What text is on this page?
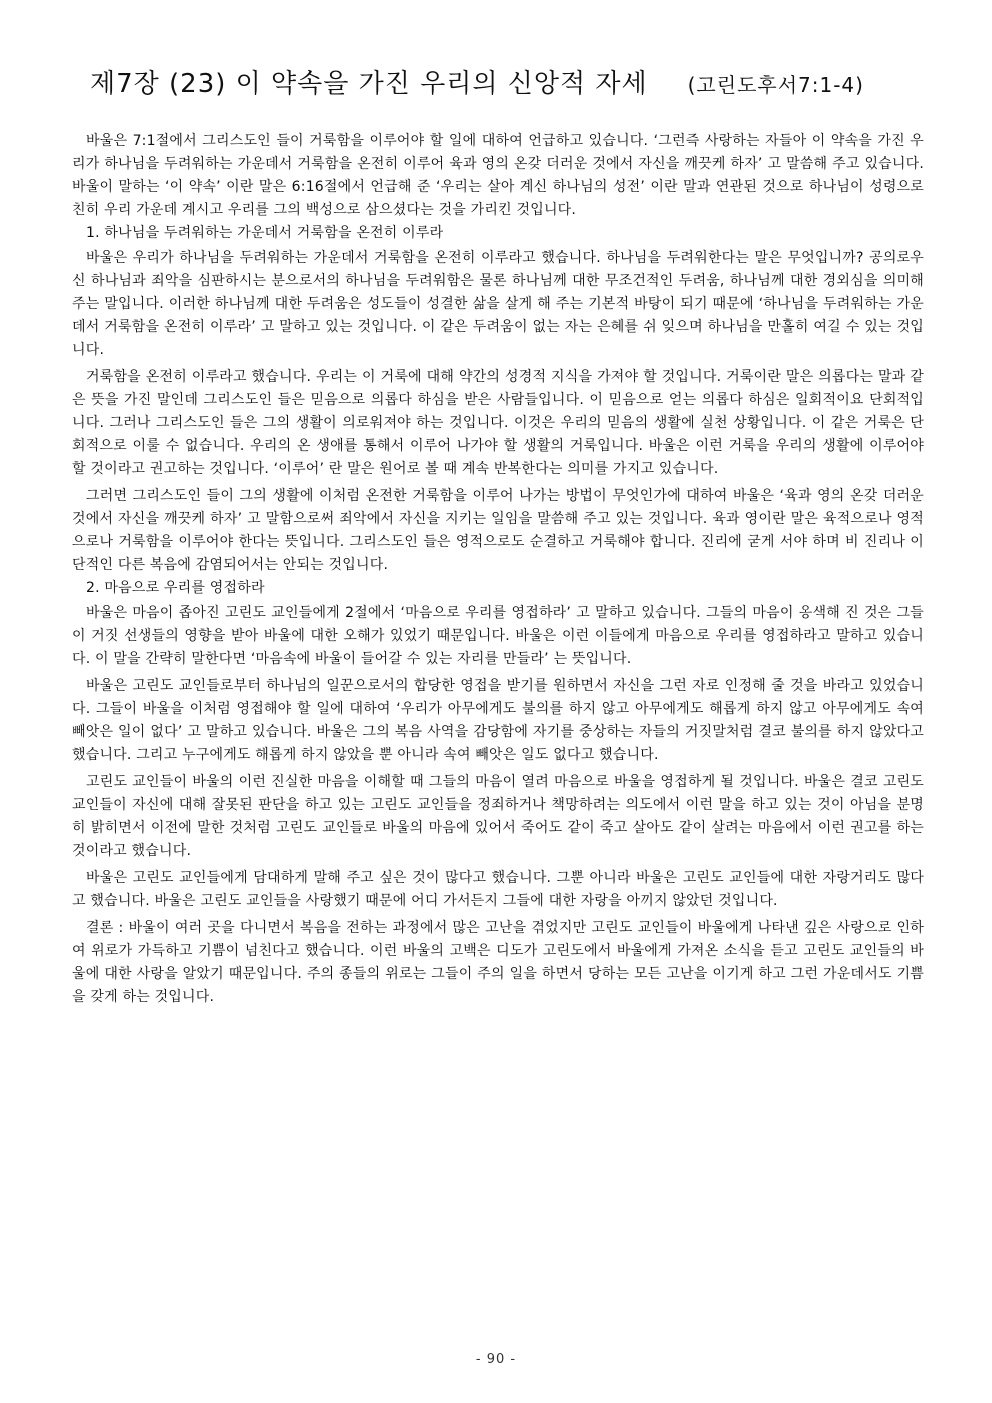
제7장 (23) 이 약속을 가진 우리의 신앙적 자세 (고린도후서7:1-4)

바울은 7:1절에서 그리스도인 들이 거룩함을 이루어야 할 일에 대하여 언급하고 있습니다. ‘그런즉 사랑하는 자들아 이 약속을 가진 우리가 하나님을 두려워하는 가운데서 거룩함을 온전히 이루어 육과 영의 온갖 더러운 것에서 자신을 깨끗케 하자’ 고 말씀해 주고 있습니다. 바울이 말하는 ‘이 약속’ 이란 말은 6:16절에서 언급해 준 ‘우리는 살아 계신 하나님의 성전’ 이란 말과 연관된 것으로 하나님이 성령으로 친히 우리 가운데 계시고 우리를 그의 백성으로 삼으셨다는 것을 가리킨 것입니다.

1. 하나님을 두려워하는 가운데서 거룩함을 온전히 이루라

바울은 우리가 하나님을 두려워하는 가운데서 거룩함을 온전히 이루라고 했습니다. 하나님을 두려워한다는 말은 무엇입니까? 공의로우신 하나님과 죄악을 심판하시는 분으로서의 하나님을 두려워함은 물론 하나님께 대한 무조건적인 두려움, 하나님께 대한 경외심을 의미해 주는 말입니다. 이러한 하나님께 대한 두려움은 성도들이 성결한 삶을 살게 해 주는 기본적 바탕이 되기 때문에 ‘하나님을 두려워하는 가운데서 거룩함을 온전히 이루라’ 고 말하고 있는 것입니다. 이 같은 두려움이 없는 자는 은혜를 쉬 잊으며 하나님을 만홀히 여길 수 있는 것입니다.

거룩함을 온전히 이루라고 했습니다. 우리는 이 거룩에 대해 약간의 성경적 지식을 가져야 할 것입니다. 거룩이란 말은 의롭다는 말과 같은 뜻을 가진 말인데 그리스도인 들은 믿음으로 의롭다 하심을 받은 사람들입니다. 이 믿음으로 얻는 의롭다 하심은 일회적이요 단회적입니다. 그러나 그리스도인 들은 그의 생활이 의로워져야 하는 것입니다. 이것은 우리의 믿음의 생활에 실천 상황입니다. 이 같은 거룩은 단회적으로 이룰 수 없습니다. 우리의 온 생애를 통해서 이루어 나가야 할 생활의 거룩입니다. 바울은 이런 거룩을 우리의 생활에 이루어야 할 것이라고 권고하는 것입니다. ‘이루어’ 란 말은 원어로 볼 때 계속 반복한다는 의미를 가지고 있습니다.

그러면 그리스도인 들이 그의 생활에 이처럼 온전한 거룩함을 이루어 나가는 방법이 무엇인가에 대하여 바울은 ‘육과 영의 온갖 더러운 것에서 자신을 깨끗케 하자’ 고 말함으로써 죄악에서 자신을 지키는 일임을 말씀해 주고 있는 것입니다. 육과 영이란 말은 육적으로나 영적으로나 거룩함을 이루어야 한다는 뜻입니다. 그리스도인 들은 영적으로도 순결하고 거룩해야 합니다. 진리에 굳게 서야 하며 비 진리나 이단적인 다른 복음에 감염되어서는 안되는 것입니다.

2. 마음으로 우리를 영접하라

바울은 마음이 좁아진 고린도 교인들에게 2절에서 ‘마음으로 우리를 영접하라’ 고 말하고 있습니다. 그들의 마음이 옹색해 진 것은 그들이 거짓 선생들의 영향을 받아 바울에 대한 오해가 있었기 때문입니다. 바울은 이런 이들에게 마음으로 우리를 영접하라고 말하고 있습니다. 이 말을 간략히 말한다면 ‘마음속에 바울이 들어갈 수 있는 자리를 만들라’ 는 뜻입니다.

바울은 고린도 교인들로부터 하나님의 일꾼으로서의 합당한 영접을 받기를 원하면서 자신을 그런 자로 인정해 줄 것을 바라고 있었습니다. 그들이 바울을 이처럼 영접해야 할 일에 대하여 ‘우리가 아무에게도 불의를 하지 않고 아무에게도 해롭게 하지 않고 아무에게도 속여 빼앗은 일이 없다’ 고 말하고 있습니다. 바울은 그의 복음 사역을 감당함에 자기를 중상하는 자들의 거짓말처럼 결코 불의를 하지 않았다고 했습니다. 그리고 누구에게도 해롭게 하지 않았을 뿐 아니라 속여 빼앗은 일도 없다고 했습니다.

고린도 교인들이 바울의 이런 진실한 마음을 이해할 때 그들의 마음이 열려 마음으로 바울을 영접하게 될 것입니다. 바울은 결코 고린도 교인들이 자신에 대해 잘못된 판단을 하고 있는 고린도 교인들을 정죄하거나 책망하려는 의도에서 이런 말을 하고 있는 것이 아님을 분명히 밝히면서 이전에 말한 것처럼 고린도 교인들로 바울의 마음에 있어서 죽어도 같이 죽고 살아도 같이 살려는 마음에서 이런 권고를 하는 것이라고 했습니다.

바울은 고린도 교인들에게 담대하게 말해 주고 싶은 것이 많다고 했습니다. 그뿐 아니라 바울은 고린도 교인들에 대한 자랑거리도 많다고 했습니다. 바울은 고린도 교인들을 사랑했기 때문에 어디 가서든지 그들에 대한 자랑을 아끼지 않았던 것입니다.

결론 : 바울이 여러 곳을 다니면서 복음을 전하는 과정에서 많은 고난을 겪었지만 고린도 교인들이 바울에게 나타낸 깊은 사랑으로 인하여 위로가 가득하고 기쁨이 넘친다고 했습니다. 이런 바울의 고백은 디도가 고린도에서 바울에게 가져온 소식을 듣고 고린도 교인들의 바울에 대한 사랑을 알았기 때문입니다. 주의 종들의 위로는 그들이 주의 일을 하면서 당하는 모든 고난을 이기게 하고 그런 가운데서도 기쁨을 갖게 하는 것입니다.

- 90 -
